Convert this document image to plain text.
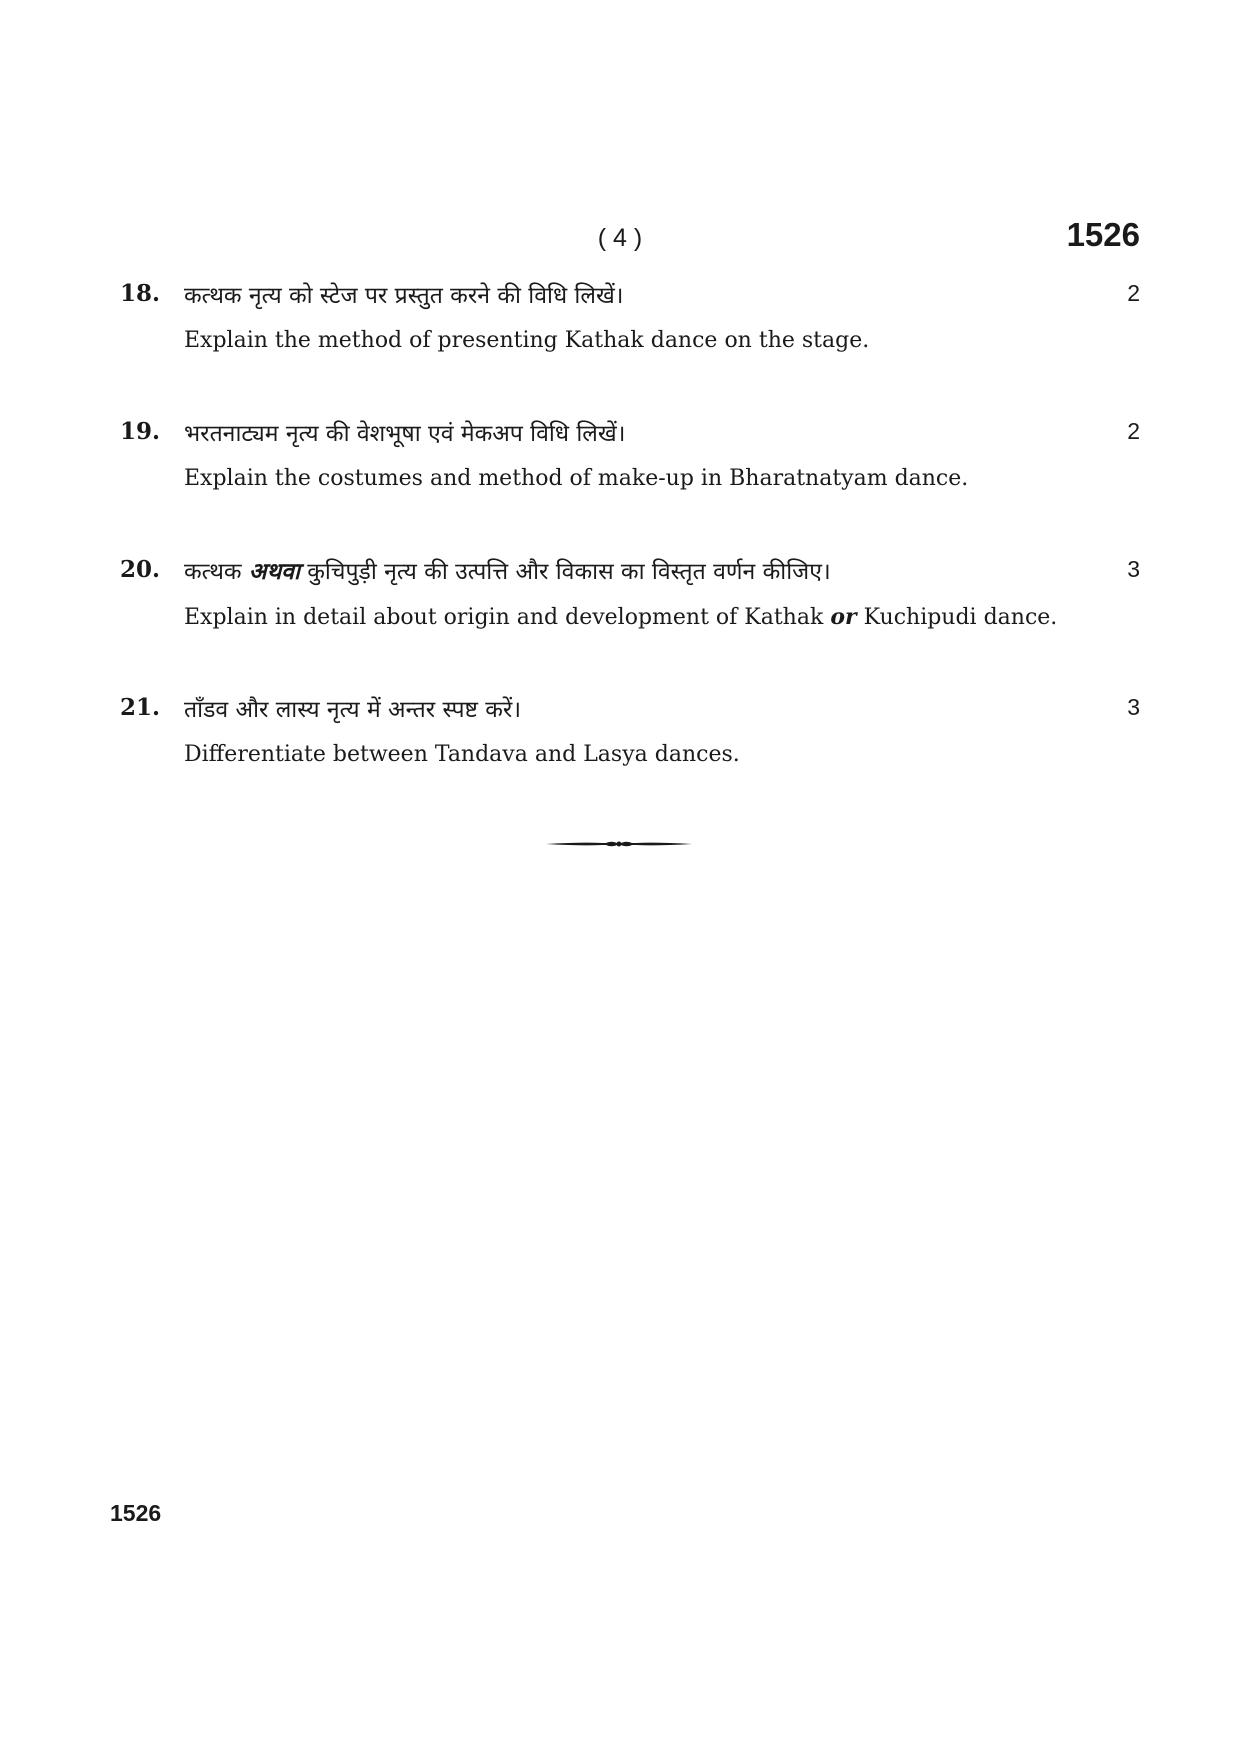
( 4 )	1526
18. कत्थक नृत्य को स्टेज पर प्रस्तुत करने की विधि लिखें।	2
Explain the method of presenting Kathak dance on the stage.
19. भरतनाट्यम नृत्य की वेशभूषा एवं मेकअप विधि लिखें।	2
Explain the costumes and method of make-up in Bharatnatyam dance.
20. कत्थक अथवा कुचिपुड़ी नृत्य की उत्पत्ति और विकास का विस्तृत वर्णन कीजिए।	3
Explain in detail about origin and development of Kathak or Kuchipudi dance.
21. ताँडव और लास्य नृत्य में अन्तर स्पष्ट करें।	3
Differentiate between Tandava and Lasya dances.
1526
